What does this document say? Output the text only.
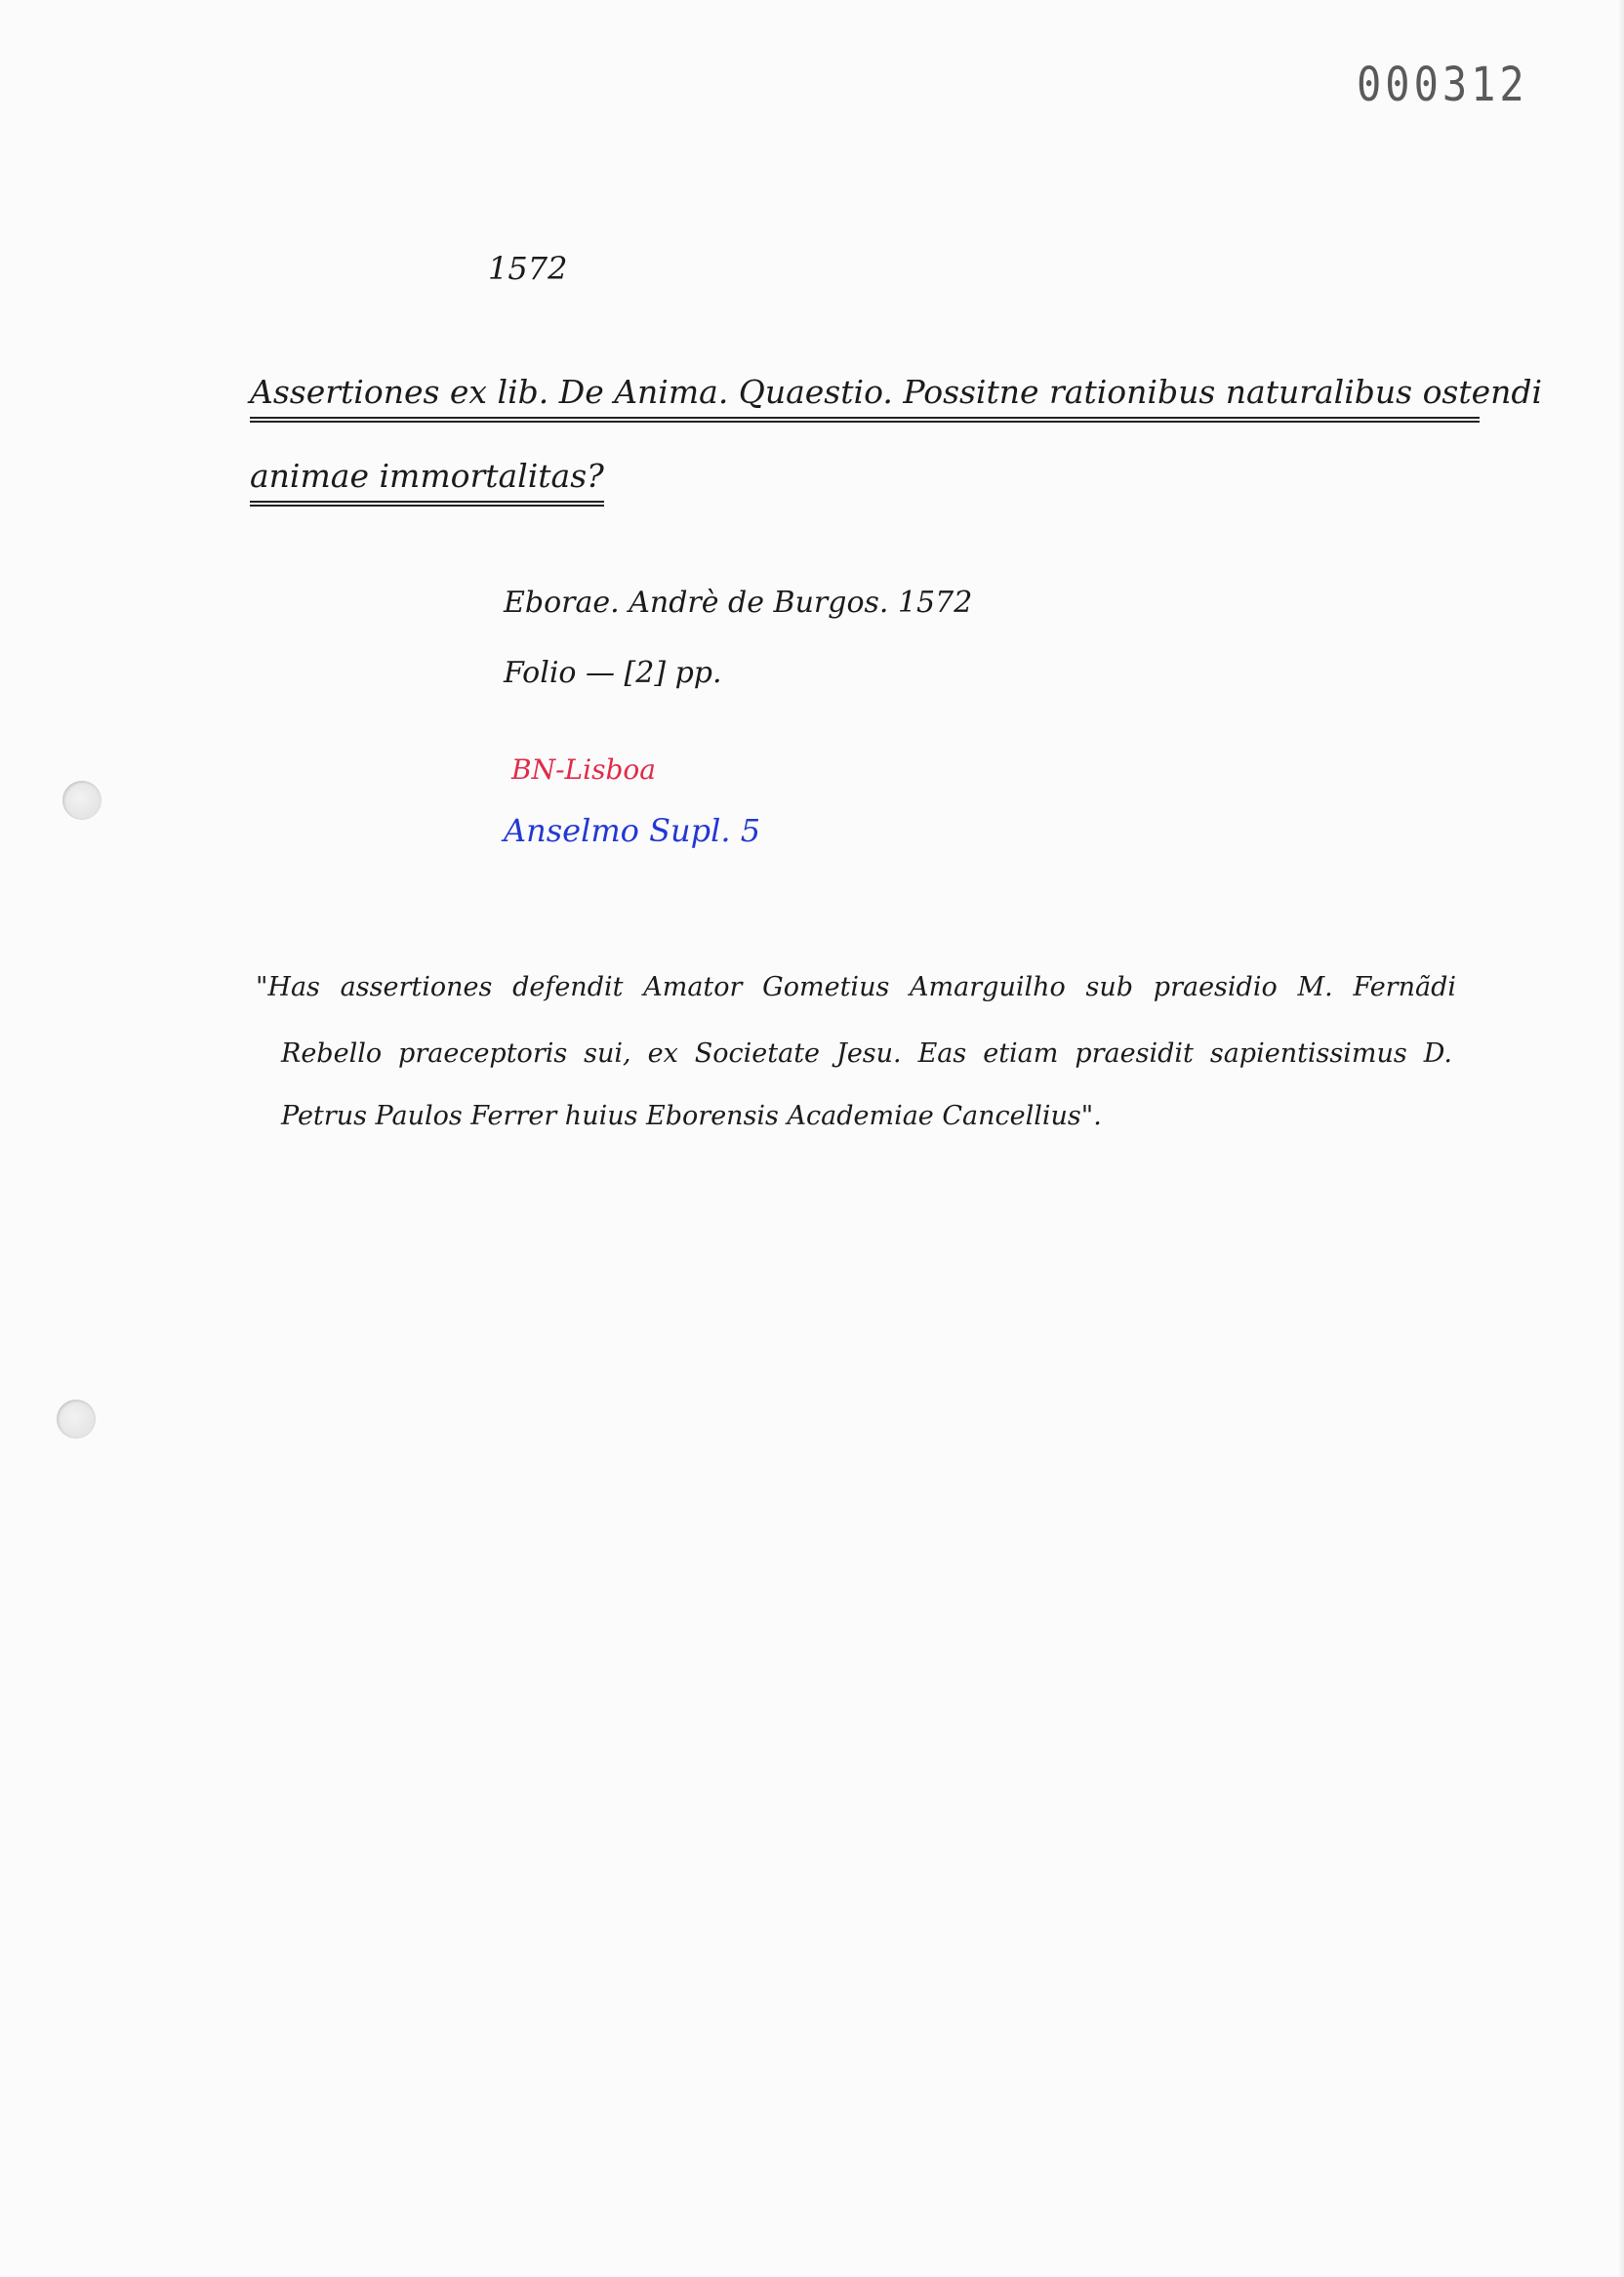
000312
1572
Assertiones ex lib. De Anima. Quaestio. Possitne rationibus naturalibus ostendi
animae immortalitas?
Eborae. Andrè de Burgos. 1572
Folio — [2] pp.
BN-Lisboa
Anselmo Supl. 5
"Has assertiones defendit Amator Gometius Amarguilho sub praesidio M. Fernãdi
Rebello praeceptoris sui, ex Societate Jesu. Eas etiam praesidit sapientissimus D.
Petrus Paulos Ferrer huius Eborensis Academiae Cancellius".
